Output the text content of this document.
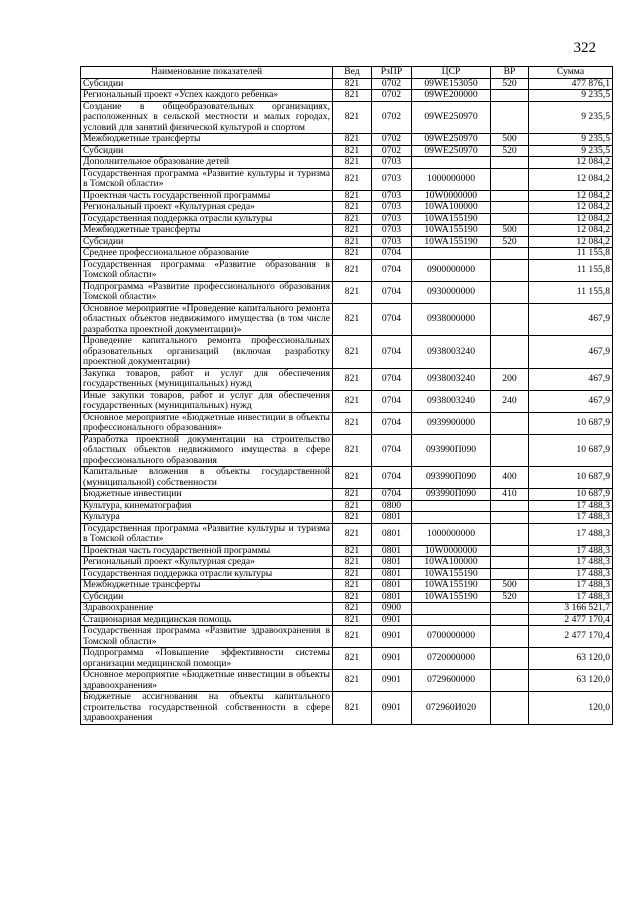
322
Наименование показателей	Вед	РзПР	ЦСР	ВР	Сумма
Субсидии	821	0702	09WE153050	520	477 876,1
Региональный проект «Успех каждого ребенка»	821	0702	09WE200000		9 235,5
Создание в общеобразовательных организациях, расположенных в сельской местности и малых городах, условий для занятий физической культурой и спортом	821	0702	09WE250970		9 235,5
Межбюджетные трансферты	821	0702	09WE250970	500	9 235,5
Субсидии	821	0702	09WE250970	520	9 235,5
Дополнительное образование детей	821	0703			12 084,2
Государственная программа «Развитие культуры и туризма в Томской области»	821	0703	1000000000		12 084,2
Проектная часть государственной программы	821	0703	10W0000000		12 084,2
Региональный проект «Культурная среда»	821	0703	10WA100000		12 084,2
Государственная поддержка отрасли культуры	821	0703	10WA155190		12 084,2
Межбюджетные трансферты	821	0703	10WA155190	500	12 084,2
Субсидии	821	0703	10WA155190	520	12 084,2
Среднее профессиональное образование	821	0704			11 155,8
Государственная программа «Развитие образования в Томской области»	821	0704	0900000000		11 155,8
Подпрограмма «Развитие профессионального образования Томской области»	821	0704	0930000000		11 155,8
Основное мероприятие «Проведение капитального ремонта областных объектов недвижимого имущества (в том числе разработка проектной документации)»	821	0704	0938000000		467,9
Проведение капитального ремонта профессиональных образовательных организаций (включая разработку проектной документации)	821	0704	0938003240		467,9
Закупка товаров, работ и услуг для обеспечения государственных (муниципальных) нужд	821	0704	0938003240	200	467,9
Иные закупки товаров, работ и услуг для обеспечения государственных (муниципальных) нужд	821	0704	0938003240	240	467,9
Основное мероприятие «Бюджетные инвестиции в объекты профессионального образования»	821	0704	0939900000		10 687,9
Разработка проектной документации на строительство областных объектов недвижимого имущества в сфере профессионального образования	821	0704	093990П090		10 687,9
Капитальные вложения в объекты государственной (муниципальной) собственности	821	0704	093990П090	400	10 687,9
Бюджетные инвестиции	821	0704	093990П090	410	10 687,9
Культура, кинематография	821	0800			17 488,3
Культура	821	0801			17 488,3
Государственная программа «Развитие культуры и туризма в Томской области»	821	0801	1000000000		17 488,3
Проектная часть государственной программы	821	0801	10W0000000		17 488,3
Региональный проект «Культурная среда»	821	0801	10WA100000		17 488,3
Государственная поддержка отрасли культуры	821	0801	10WA155190		17 488,3
Межбюджетные трансферты	821	0801	10WA155190	500	17 488,3
Субсидии	821	0801	10WA155190	520	17 488,3
Здравоохранение	821	0900			3 166 521,7
Стационарная медицинская помощь	821	0901			2 477 170,4
Государственная программа «Развитие здравоохранения в Томской области»	821	0901	0700000000		2 477 170,4
Подпрограмма «Повышение эффективности системы организации медицинской помощи»	821	0901	0720000000		63 120,0
Основное мероприятие «Бюджетные инвестиции в объекты здравоохранения»	821	0901	0729600000		63 120,0
Бюджетные ассигнования на объекты капитального строительства государственной собственности в сфере здравоохранения	821	0901	072960И020		120,0
